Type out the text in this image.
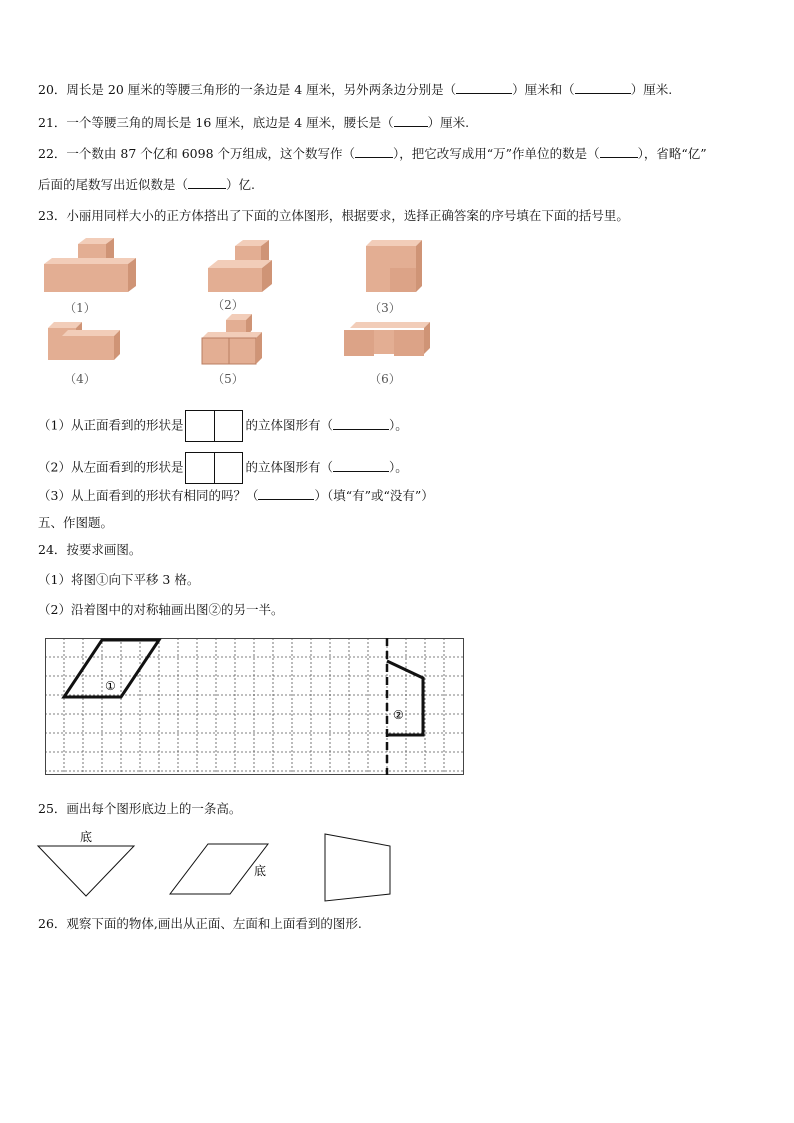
20．周长是 20 厘米的等腰三角形的一条边是 4 厘米，另外两条边分别是（	）厘米和（	）厘米.
21．一个等腰三角的周长是 16 厘米，底边是 4 厘米，腰长是（	）厘米.
22．一个数由 87 个亿和 6098 个万组成，这个数写作（	），把它改写成用“万”作单位的数是（	），省略“亿”
后面的尾数写出近似数是（	）亿.
23．小丽用同样大小的正方体搭出了下面的立体图形，根据要求，选择正确答案的序号填在下面的括号里。
（1）	（2）	（3）
（4）	（5）	（6）
（1）从正面看到的形状是	的立体图形有（	）。
（2）从左面看到的形状是	的立体图形有（	）。
（3）从上面看到的形状有相同的吗？（	）（填“有”或“没有”）
五、作图题。
24．按要求画图。
（1）将图①向下平移 3 格。
（2）沿着图中的对称轴画出图②的另一半。
①
②
25．画出每个图形底边上的一条高。
底
底
26．观察下面的物体,画出从正面、左面和上面看到的图形.
